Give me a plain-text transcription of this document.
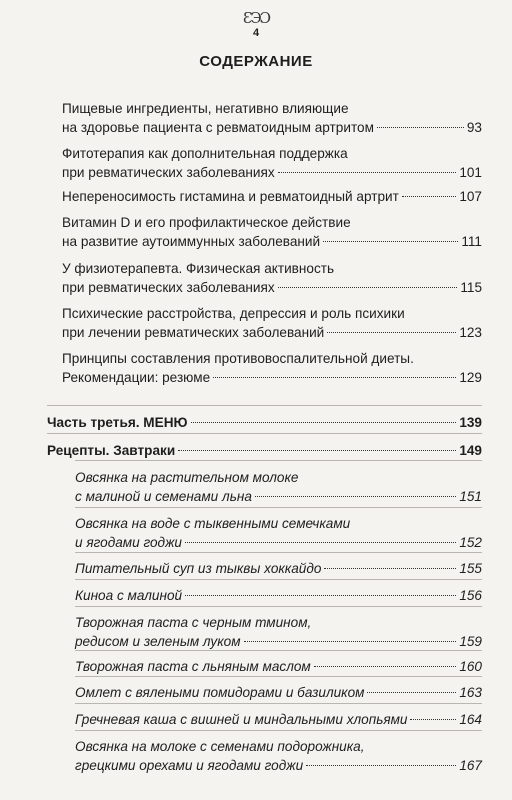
ƐЭƆ
4
СОДЕРЖАНИЕ
Пищевые ингредиенты, негативно влияющие
на здоровье пациента с ревматоидным артритом	93
Фитотерапия как дополнительная поддержка
при ревматических заболеваниях	101
Непереносимость гистамина и ревматоидный артрит	107
Витамин D и его профилактическое действие
на развитие аутоиммунных заболеваний	111
У физиотерапевта. Физическая активность
при ревматических заболеваниях	115
Психические расстройства, депрессия и роль психики
при лечении ревматических заболеваний	123
Принципы составления противовоспалительной диеты.
Рекомендации: резюме	129
Часть третья. МЕНЮ	139
Рецепты. Завтраки	149
Овсянка на растительном молоке
с малиной и семенами льна	151
Овсянка на воде с тыквенными семечками
и ягодами годжи	152
Питательный суп из тыквы хоккайдо	155
Киноа с малиной	156
Творожная паста с черным тмином,
редисом и зеленым луком	159
Творожная паста с льняным маслом	160
Омлет с вялеными помидорами и базиликом	163
Гречневая каша с вишней и миндальными хлопьями	164
Овсянка на молоке с семенами подорожника,
грецкими орехами и ягодами годжи	167
